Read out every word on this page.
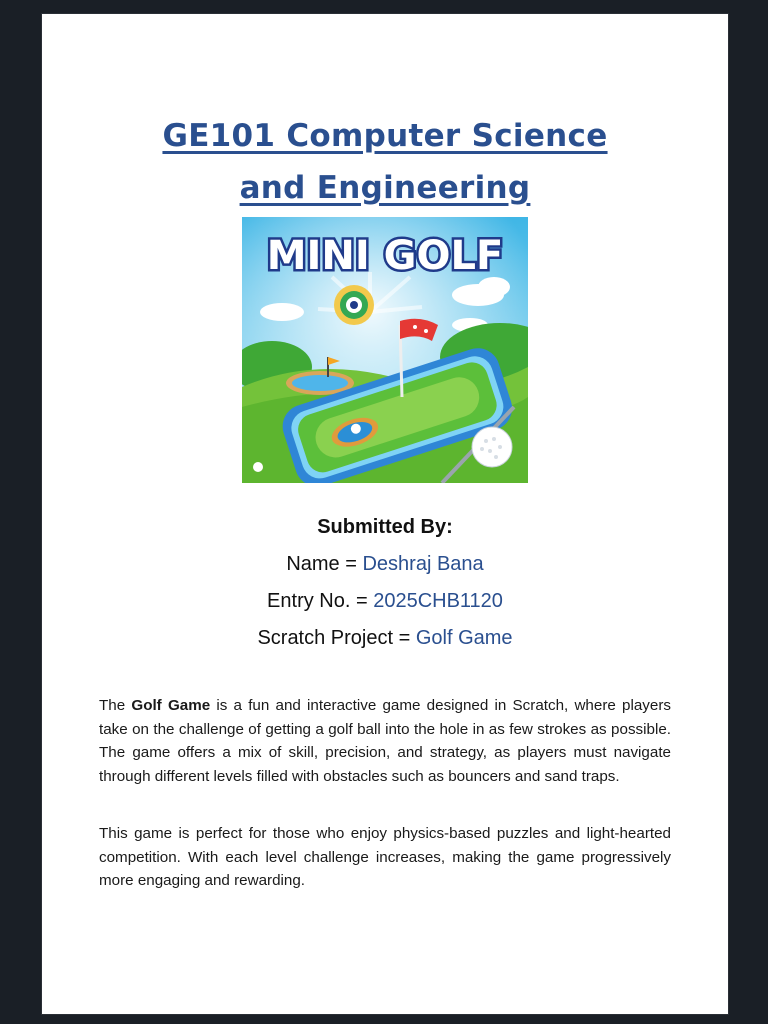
GE101 Computer Science
and Engineering
MINI GOLF
Submitted By:
Name = Deshraj Bana
Entry No. = 2025CHB1120
Scratch Project = Golf Game

The Golf Game is a fun and interactive game designed in Scratch, where players take on the challenge of getting a golf ball into the hole in as few strokes as possible. The game offers a mix of skill, precision, and strategy, as players must navigate through different levels filled with obstacles such as bouncers and sand traps.

This game is perfect for those who enjoy physics-based puzzles and light-hearted competition. With each level challenge increases, making the game progressively more engaging and rewarding.
